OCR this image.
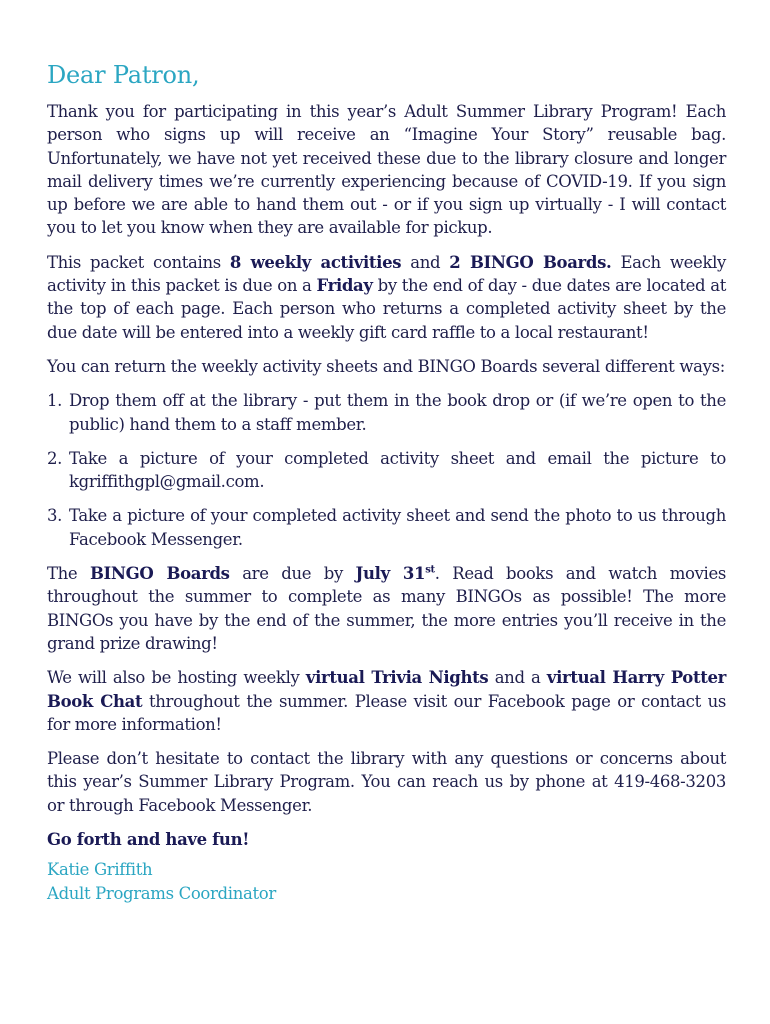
Dear Patron,

Thank you for participating in this year’s Adult Summer Library Program! Each person who signs up will receive an “Imagine Your Story” reusable bag. Unfortunately, we have not yet received these due to the library closure and longer mail delivery times we’re currently experiencing because of COVID-19. If you sign up before we are able to hand them out - or if you sign up virtually - I will contact you to let you know when they are available for pickup.

This packet contains 8 weekly activities and 2 BINGO Boards. Each weekly activity in this packet is due on a Friday by the end of day - due dates are located at the top of each page. Each person who returns a completed activity sheet by the due date will be entered into a weekly gift card raffle to a local restaurant!

You can return the weekly activity sheets and BINGO Boards several different ways:

1. Drop them off at the library - put them in the book drop or (if we’re open to the public) hand them to a staff member.
2. Take a picture of your completed activity sheet and email the picture to kgriffithgpl@gmail.com.
3. Take a picture of your completed activity sheet and send the photo to us through Facebook Messenger.

The BINGO Boards are due by July 31st. Read books and watch movies throughout the summer to complete as many BINGOs as possible! The more BINGOs you have by the end of the summer, the more entries you’ll receive in the grand prize drawing!

We will also be hosting weekly virtual Trivia Nights and a virtual Harry Potter Book Chat throughout the summer. Please visit our Facebook page or contact us for more information!

Please don’t hesitate to contact the library with any questions or concerns about this year’s Summer Library Program. You can reach us by phone at 419-468-3203 or through Facebook Messenger.

Go forth and have fun!

Katie Griffith

Adult Programs Coordinator
